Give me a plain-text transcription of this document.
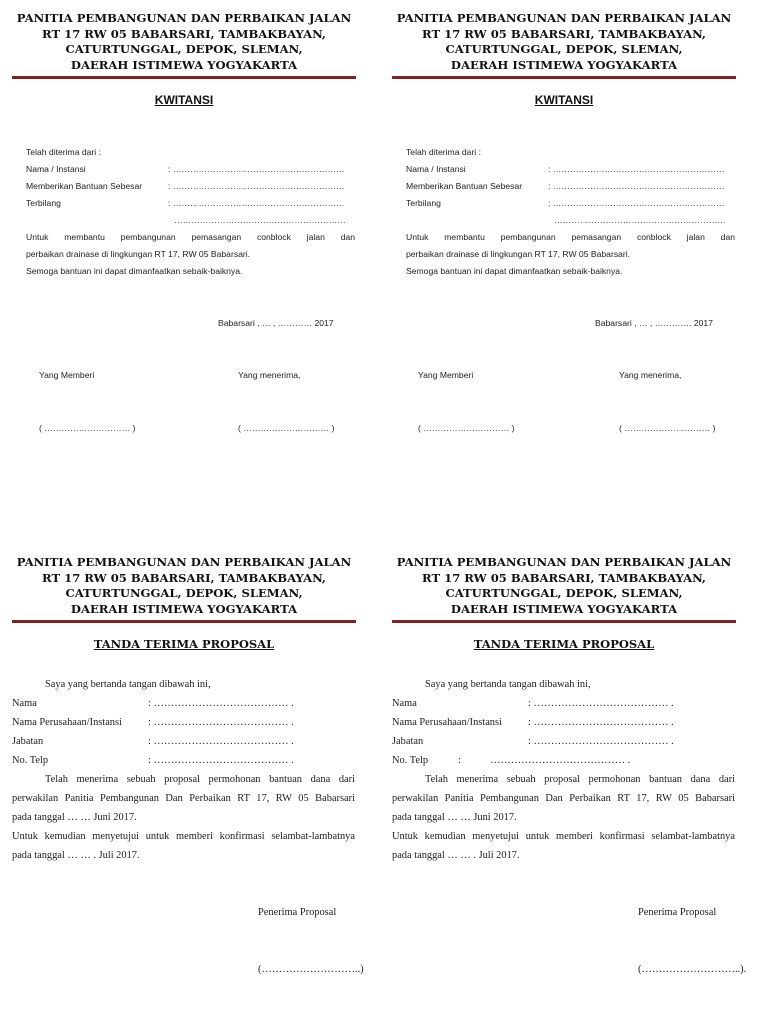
PANITIA PEMBANGUNAN DAN PERBAIKAN JALAN
RT 17 RW 05 BABARSARI, TAMBAKBAYAN,
CATURTUNGGAL, DEPOK, SLEMAN,
DAERAH ISTIMEWA YOGYAKARTA
KWITANSI
Telah diterima dari :
Nama / Instansi	: ……………………………………………………
Memberikan Bantuan Sebesar	: ……………………………………………………
Terbilang	: ……………………………………………………
……………………………………………………
Untuk membantu pembangunan pemasangan conblock jalan dan
perbaikan drainase di lingkungan RT 17, RW 05 Babarsari.
Semoga bantuan ini dapat dimanfaatkan sebaik-baiknya.
Babarsari , … , ………… 2017
Yang Memberi	Yang menerima,
( ………………………… )	( ………………………… )
PANITIA PEMBANGUNAN DAN PERBAIKAN JALAN
RT 17 RW 05 BABARSARI, TAMBAKBAYAN,
CATURTUNGGAL, DEPOK, SLEMAN,
DAERAH ISTIMEWA YOGYAKARTA
KWITANSI
Telah diterima dari :
Nama / Instansi	: ……………………………………………………
Memberikan Bantuan Sebesar	: ……………………………………………………
Terbilang	: ……………………………………………………
……………………………………………………
Untuk membantu pembangunan pemasangan conblock jalan dan
perbaikan drainase di lingkungan RT 17, RW 05 Babarsari.
Semoga bantuan ini dapat dimanfaatkan sebaik-baiknya.
Babarsari , … , …………. 2017
Yang Memberi	Yang menerima,
( ………………………… )	( ………………………… )
PANITIA PEMBANGUNAN DAN PERBAIKAN JALAN
RT 17 RW 05 BABARSARI, TAMBAKBAYAN,
CATURTUNGGAL, DEPOK, SLEMAN,
DAERAH ISTIMEWA YOGYAKARTA
TANDA TERIMA PROPOSAL
Saya yang bertanda tangan dibawah ini,
Nama	: ………………………………… .
Nama Perusahaan/Instansi	: ………………………………… .
Jabatan	: ………………………………… .
No. Telp	: ………………………………… .
Telah menerima sebuah proposal permohonan bantuan dana dari
perwakilan Panitia Pembangunan Dan Perbaikan RT 17, RW 05 Babarsari
pada tanggal … … Juni 2017.
Untuk kemudian menyetujui untuk memberi konfirmasi selambat-lambatnya
pada tanggal … … . Juli 2017.
Penerima Proposal
(………………………..)
PANITIA PEMBANGUNAN DAN PERBAIKAN JALAN
RT 17 RW 05 BABARSARI, TAMBAKBAYAN,
CATURTUNGGAL, DEPOK, SLEMAN,
DAERAH ISTIMEWA YOGYAKARTA
TANDA TERIMA PROPOSAL
Saya yang bertanda tangan dibawah ini,
Nama	: ………………………………… .
Nama Perusahaan/Instansi	: ………………………………… .
Jabatan	: ………………………………… .
No. Telp	:	………………………………… .
Telah menerima sebuah proposal permohonan bantuan dana dari
perwakilan Panitia Pembangunan Dan Perbaikan RT 17, RW 05 Babarsari
pada tanggal … … Juni 2017.
Untuk kemudian menyetujui untuk memberi konfirmasi selambat-lambatnya
pada tanggal … … . Juli 2017.
Penerima Proposal
(………………………..).
